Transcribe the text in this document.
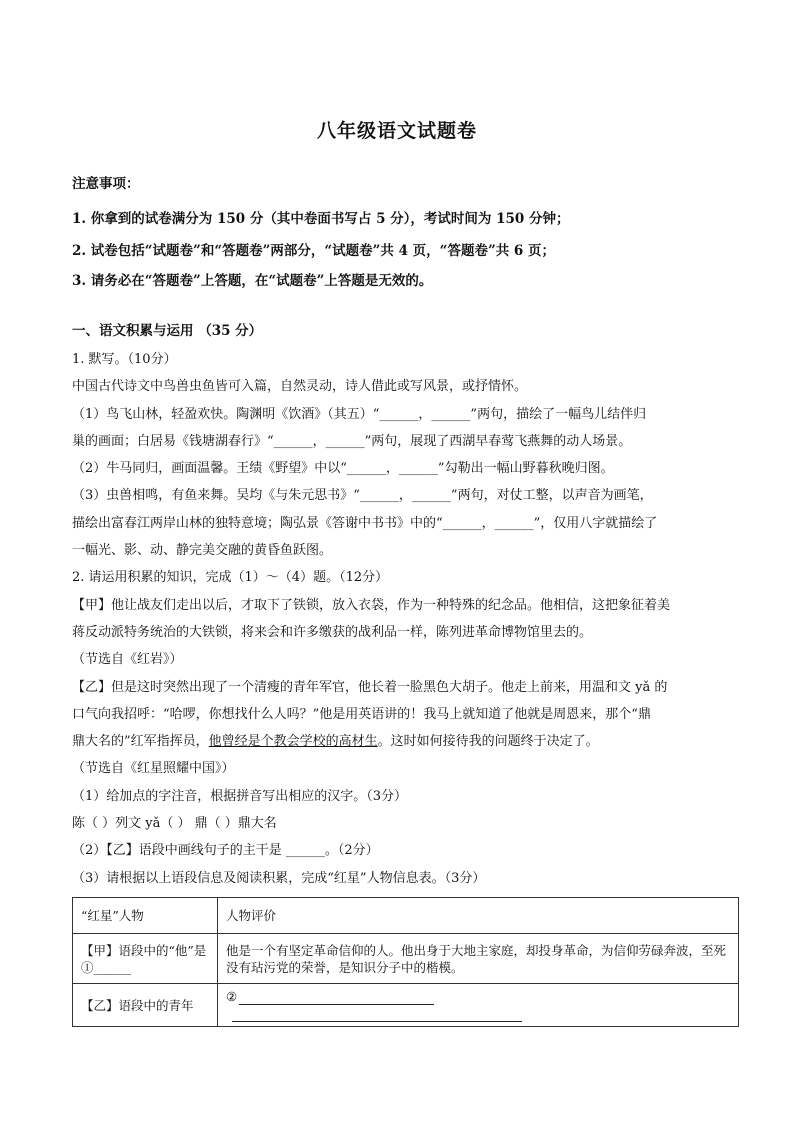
八年级语文试题卷
注意事项：
1. 你拿到的试卷满分为 150 分（其中卷面书写占 5 分），考试时间为 150 分钟；
2. 试卷包括“试题卷”和“答题卷”两部分，“试题卷”共 4 页，“答题卷”共 6 页；
3. 请务必在“答题卷”上答题，在“试题卷”上答题是无效的。
一、语文积累与运用 （35 分）

1. 默写。（10分）

中国古代诗文中鸟兽虫鱼皆可入篇，自然灵动，诗人借此或写风景，或抒情怀。

（1）鸟飞山林，轻盈欢快。陶渊明《饮酒》（其五）“______，______”两句，描绘了一幅鸟儿结伴归

巢的画面；白居易《钱塘湖春行》“______，______”两句，展现了西湖早春莺飞燕舞的动人场景。

（2）牛马同归，画面温馨。王绩《野望》中以“______，______”勾勒出一幅山野暮秋晚归图。

（3）虫兽相鸣，有鱼来舞。吴均《与朱元思书》“______，______”两句，对仗工整，以声音为画笔，

描绘出富春江两岸山林的独特意境；陶弘景《答谢中书书》中的“______，______”，仅用八字就描绘了

一幅光、影、动、静完美交融的黄昏鱼跃图。

2. 请运用积累的知识，完成（1）～（4）题。（12分）

【甲】他让战友们走出以后，才取下了铁锁，放入衣袋，作为一种特殊的纪念品。他相信，这把象征着美

蒋反动派特务统治的大铁锁，将来会和许多缴获的战利品一样，陈列进革命博物馆里去的。

（节选自《红岩》）

【乙】但是这时突然出现了一个清瘦的青年军官，他长着一脸黑色大胡子。他走上前来，用温和文 yǎ 的

口气向我招呼：“哈啰，你想找什么人吗？”他是用英语讲的！我马上就知道了他就是周恩来，那个“鼎

鼎大名的”红军指挥员，他曾经是个教会学校的高材生。这时如何接待我的问题终于决定了。

（节选自《红星照耀中国》）

（1）给加点的字注音，根据拼音写出相应的汉字。（3分）

陈（ ）列文 yǎ（ ） 鼎（ ）鼎大名

（2）【乙】语段中画线句子的主干是 ______。（2分）

（3）请根据以上语段信息及阅读积累，完成“红星”人物信息表。（3分）

“红星”人物	人物评价
【甲】语段中的“他”是①______	他是一个有坚定革命信仰的人。他出身于大地主家庭，却投身革命，为信仰劳碌奔波，至死没有玷污党的荣誉，是知识分子中的楷模。
【乙】语段中的青年	②
